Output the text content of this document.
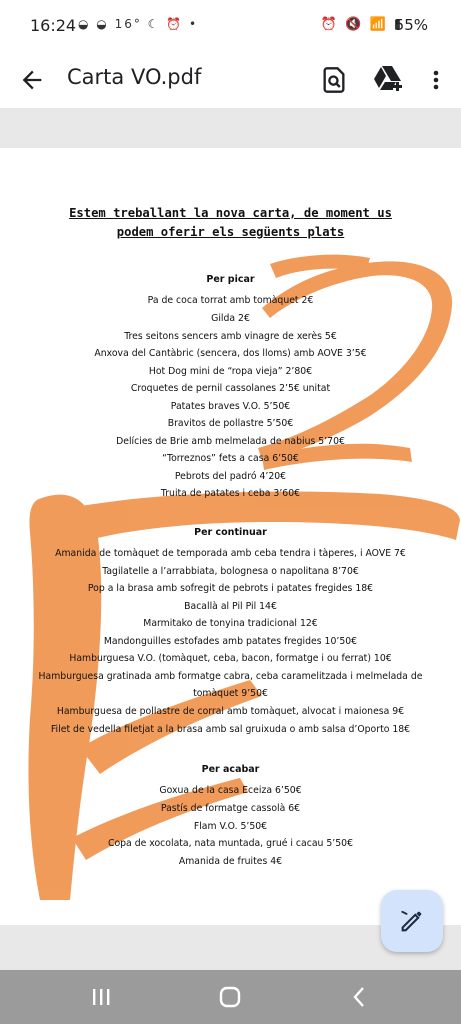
16:24 ◒ ◒ 16° ☾ ⏰ •	⏰ 🔇 📶 ▮
55%
Carta VO.pdf
Estem treballant la nova carta, de moment us
podem oferir els següents plats
Per picar
Pa de coca torrat amb tomàquet 2€
Gilda 2€
Tres seitons sencers amb vinagre de xerès 5€
Anxova del Cantàbric (sencera, dos lloms) amb AOVE 3’5€
Hot Dog mini de “ropa vieja” 2’80€
Croquetes de pernil cassolanes 2’5€ unitat
Patates braves V.O. 5’50€
Bravitos de pollastre 5’50€
Delícies de Brie amb melmelada de nabius 5’70€
“Torreznos” fets a casa 6’50€
Pebrots del padró 4’20€
Truita de patates i ceba 3’60€
Per continuar
Amanida de tomàquet de temporada amb ceba tendra i tàperes, i AOVE 7€
Tagilatelle a l’arrabbiata, bolognesa o napolitana 8’70€
Pop a la brasa amb sofregit de pebrots i patates fregides 18€
Bacallà al Pil Pil 14€
Marmitako de tonyina tradicional 12€
Mandonguilles estofades amb patates fregides 10’50€
Hamburguesa V.O. (tomàquet, ceba, bacon, formatge i ou ferrat) 10€
Hamburguesa gratinada amb formatge cabra, ceba caramelitzada i melmelada de
tomàquet 9’50€
Hamburguesa de pollastre de corral amb tomàquet, alvocat i maionesa 9€
Filet de vedella filetjat a la brasa amb sal gruixuda o amb salsa d’Oporto 18€
Per acabar
Goxua de la casa Eceiza 6’50€
Pastís de formatge cassolà 6€
Flam V.O. 5’50€
Copa de xocolata, nata muntada, grué i cacau 5’50€
Amanida de fruites 4€
